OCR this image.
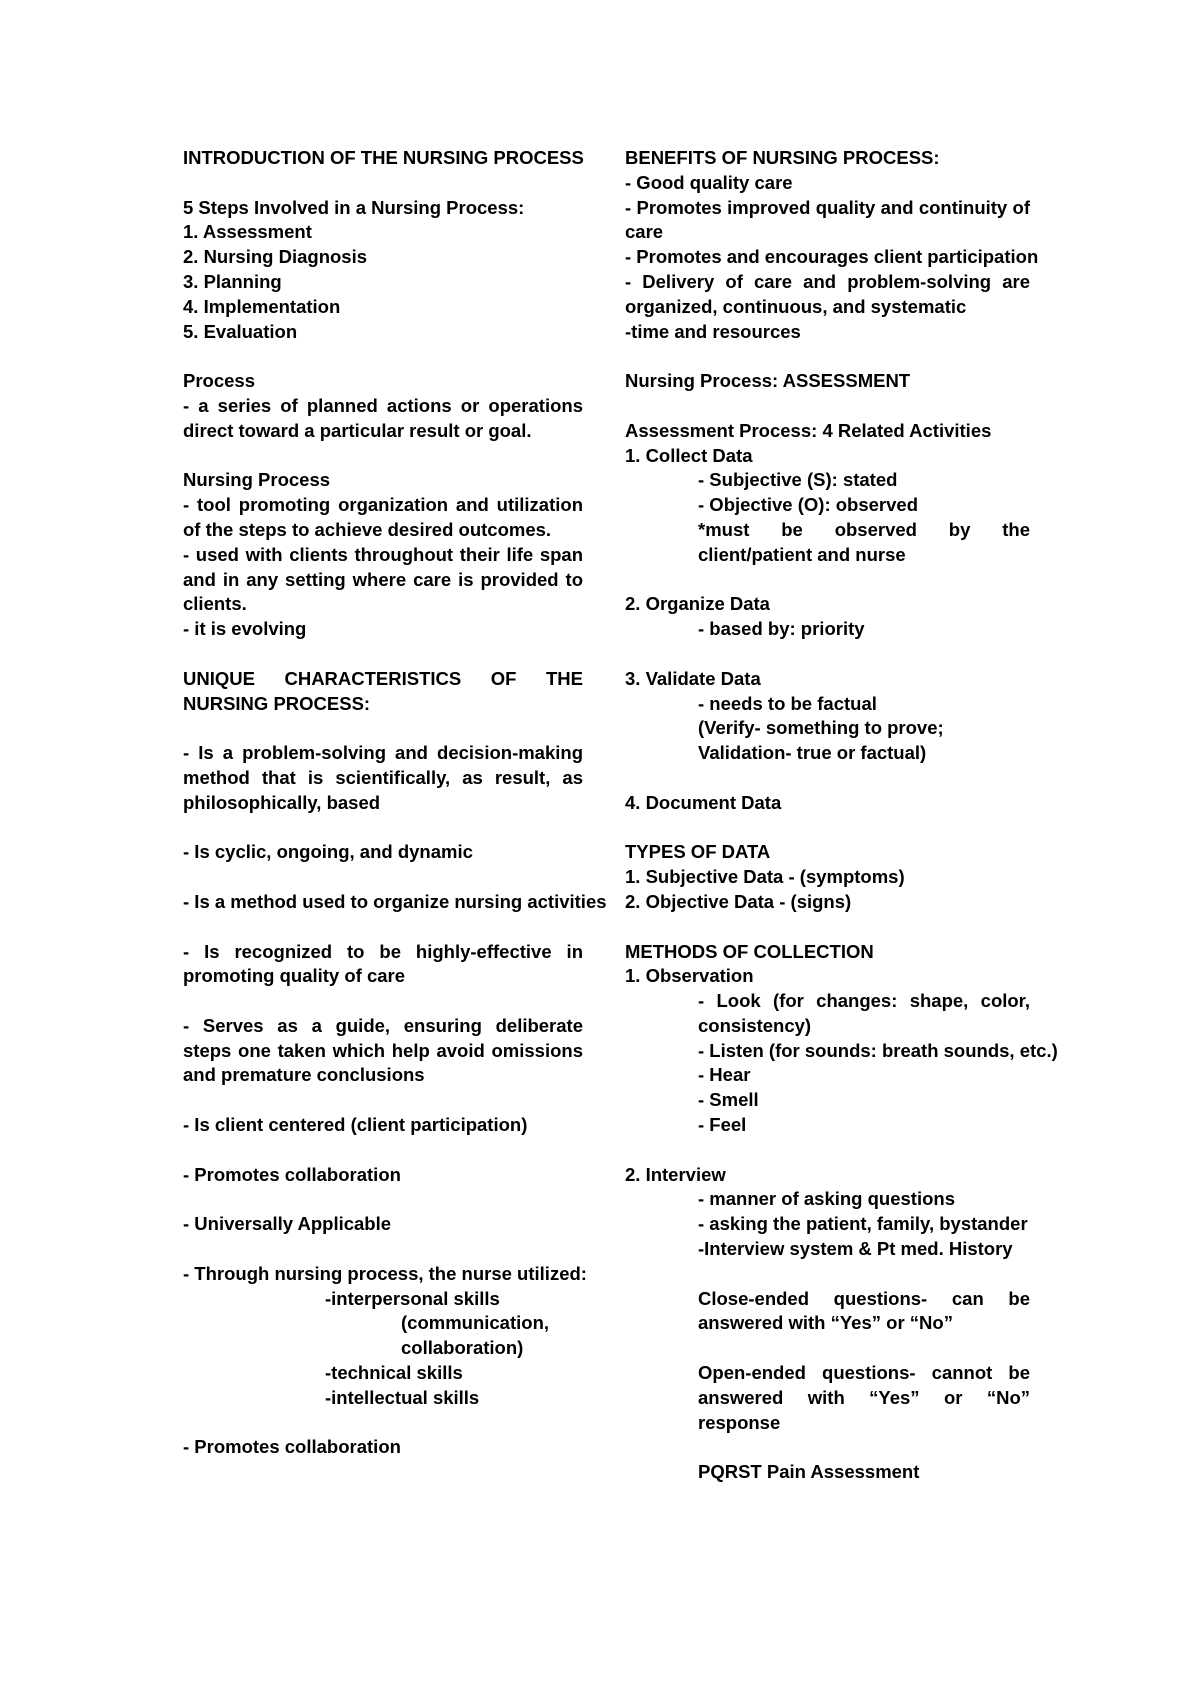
INTRODUCTION OF THE NURSING PROCESS
5 Steps Involved in a Nursing Process:
1. Assessment
2. Nursing Diagnosis
3. Planning
4. Implementation
5. Evaluation
Process
- a series of planned actions or operations direct toward a particular result or goal.
Nursing Process
- tool promoting organization and utilization of the steps to achieve desired outcomes.
- used with clients throughout their life span and in any setting where care is provided to clients.
- it is evolving
UNIQUE CHARACTERISTICS OF THE NURSING PROCESS:
- Is a problem-solving and decision-making method that is scientifically, as result, as philosophically, based
- Is cyclic, ongoing, and dynamic
- Is a method used to organize nursing activities
- Is recognized to be highly-effective in promoting quality of care
- Serves as a guide, ensuring deliberate steps one taken which help avoid omissions and premature conclusions
- Is client centered (client participation)
- Promotes collaboration
- Universally Applicable
- Through nursing process, the nurse utilized:
-interpersonal skills
(communication,
collaboration)
-technical skills
-intellectual skills
- Promotes collaboration
BENEFITS OF NURSING PROCESS:
- Good quality care
- Promotes improved quality and continuity of care
- Promotes and encourages client participation
- Delivery of care and problem-solving are organized, continuous, and systematic
-time and resources
Nursing Process: ASSESSMENT
Assessment Process: 4 Related Activities
1. Collect Data
- Subjective (S): stated
- Objective (O): observed
*must be observed by the client/patient and nurse
2. Organize Data
- based by: priority
3. Validate Data
- needs to be factual
(Verify- something to prove;
Validation- true or factual)
4. Document Data
TYPES OF DATA
1. Subjective Data - (symptoms)
2. Objective Data - (signs)
METHODS OF COLLECTION
1. Observation
- Look (for changes: shape, color, consistency)
- Listen (for sounds: breath sounds, etc.)
- Hear
- Smell
- Feel
2. Interview
- manner of asking questions
- asking the patient, family, bystander
-Interview system & Pt med. History
Close-ended questions- can be answered with “Yes” or “No”
Open-ended questions- cannot be answered with “Yes” or “No” response
PQRST Pain Assessment
